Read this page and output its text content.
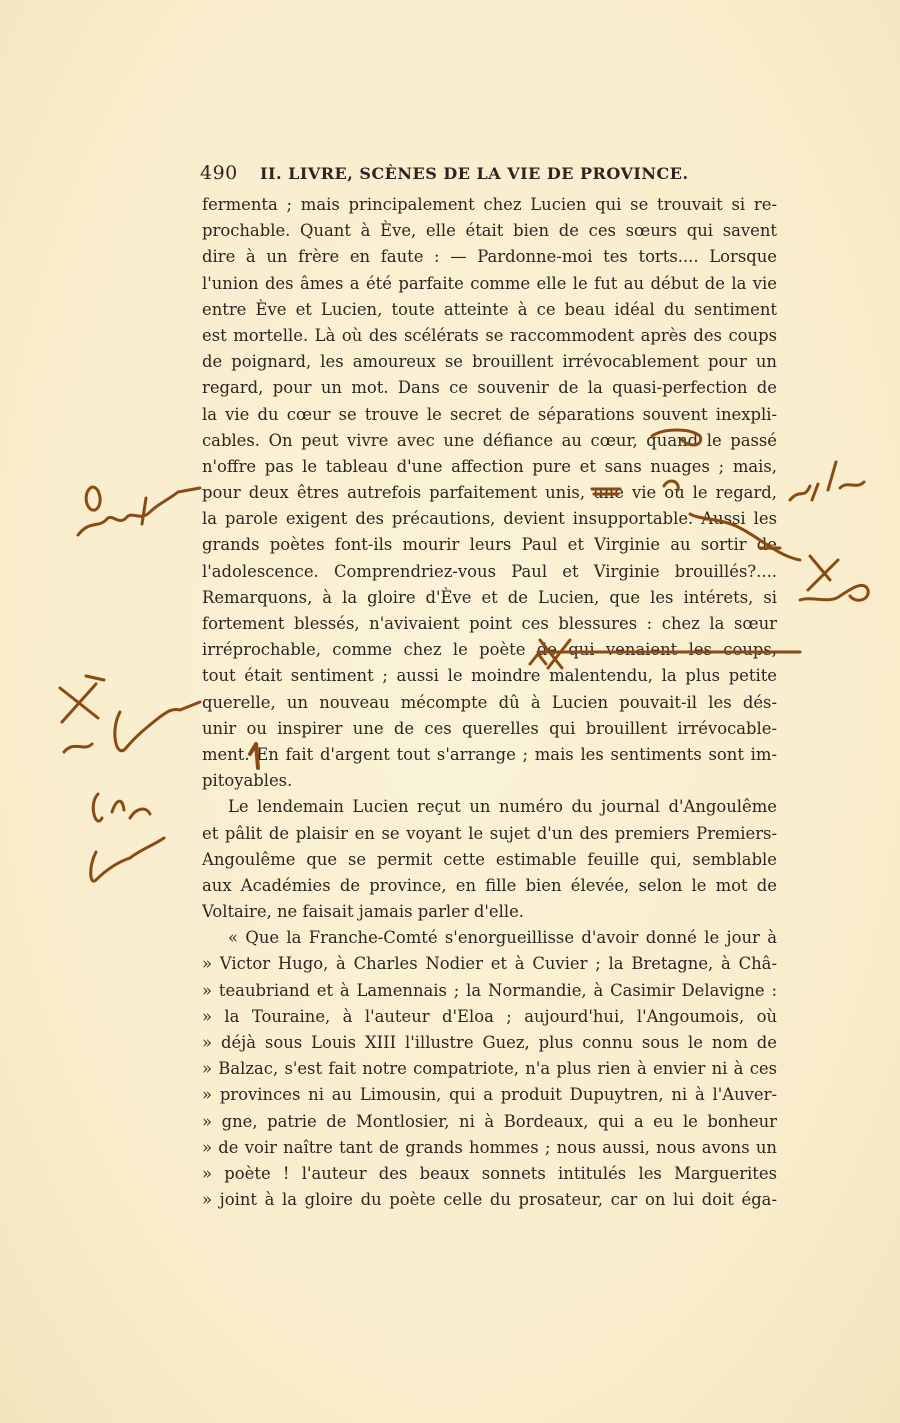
490 II. LIVRE, SCÈNES DE LA VIE DE PROVINCE.
fermenta ; mais principalement chez Lucien qui se trouvait si re-
prochable. Quant à Ève, elle était bien de ces sœurs qui savent
dire à un frère en faute : — Pardonne-moi tes torts.... Lorsque
l'union des âmes a été parfaite comme elle le fut au début de la vie
entre Ève et Lucien, toute atteinte à ce beau idéal du sentiment
est mortelle. Là où des scélérats se raccommodent après des coups
de poignard, les amoureux se brouillent irrévocablement pour un
regard, pour un mot. Dans ce souvenir de la quasi-perfection de
la vie du cœur se trouve le secret de séparations souvent inexpli-
cables. On peut vivre avec une défiance au cœur, quand le passé
n'offre pas le tableau d'une affection pure et sans nuages ; mais,
pour deux êtres autrefois parfaitement unis, une vie où le regard,
la parole exigent des précautions, devient insupportable. Aussi les
grands poètes font-ils mourir leurs Paul et Virginie au sortir de
l'adolescence. Comprendriez-vous Paul et Virginie brouillés?....
Remarquons, à la gloire d'Ève et de Lucien, que les intérets, si
fortement blessés, n'avivaient point ces blessures : chez la sœur
irréprochable, comme chez le poète de qui venaient les coups,
tout était sentiment ; aussi le moindre malentendu, la plus petite
querelle, un nouveau mécompte dû à Lucien pouvait-il les dés-
unir ou inspirer une de ces querelles qui brouillent irrévocable-
ment. En fait d'argent tout s'arrange ; mais les sentiments sont im-
pitoyables.
Le lendemain Lucien reçut un numéro du journal d'Angoulême
et pâlit de plaisir en se voyant le sujet d'un des premiers Premiers-
Angoulême que se permit cette estimable feuille qui, semblable
aux Académies de province, en fille bien élevée, selon le mot de
Voltaire, ne faisait jamais parler d'elle.
« Que la Franche-Comté s'enorgueillisse d'avoir donné le jour à
» Victor Hugo, à Charles Nodier et à Cuvier ; la Bretagne, à Châ-
» teaubriand et à Lamennais ; la Normandie, à Casimir Delavigne :
» la Touraine, à l'auteur d'Eloa ; aujourd'hui, l'Angoumois, où
» déjà sous Louis XIII l'illustre Guez, plus connu sous le nom de
» Balzac, s'est fait notre compatriote, n'a plus rien à envier ni à ces
» provinces ni au Limousin, qui a produit Dupuytren, ni à l'Auver-
» gne, patrie de Montlosier, ni à Bordeaux, qui a eu le bonheur
» de voir naître tant de grands hommes ; nous aussi, nous avons un
» poète ! l'auteur des beaux sonnets intitulés les Marguerites
» joint à la gloire du poète celle du prosateur, car on lui doit éga-
